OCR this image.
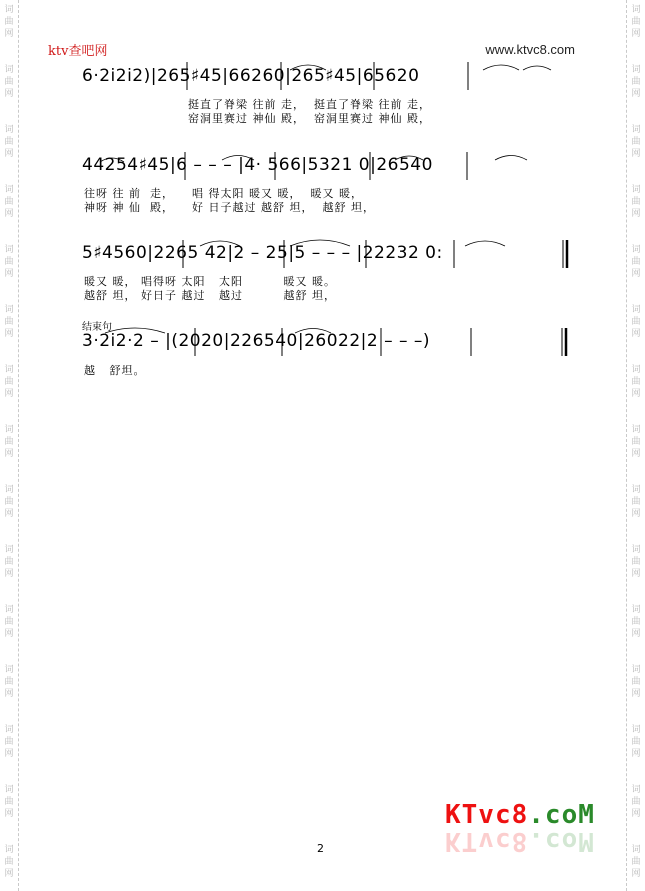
词
曲
网
词
曲
网
词
曲
网
词
曲
网
词
曲
网
词
曲
网
词
曲
网
词
曲
网
词
曲
网
词
曲
网
词
曲
网
词
曲
网
词
曲
网
词
曲
网
词
曲
网
词
曲
网
词
曲
网
词
曲
网
词
曲
网
词
曲
网
词
曲
网
词
曲
网
词
曲
网
词
曲
网
词
曲
网
词
曲
网
词
曲
网
词
曲
网
词
曲
网
词
曲
网
ktv查吧网	www.ktvc8.com
6·2i2i2)|265♯45|66260|265♯45|65620
挺直了脊梁 往前 走，  挺直了脊梁 往前 走，
窑洞里赛过 神仙 殿，  窑洞里赛过 神仙 殿，
44254♯45|6 – – – |4· 566|5321 0|26540
往呀 往 前  走，    唱 得太阳 暖又 暖，  暖又 暖，
神呀 神 仙  殿，    好 日子越过 越舒 坦，  越舒 坦，
5♯4560|2265 42|2 – 25|5 – – – |22232 0:
暖又 暖， 唱得呀 太阳   太阳         暖又 暖。
越舒 坦， 好日子 越过   越过         越舒 坦，
结束句
3·2i2·2 – |(2020|226540|26022|2 – – –)
越   舒坦。
2
KTvc8.coM
KTvc8.coM
